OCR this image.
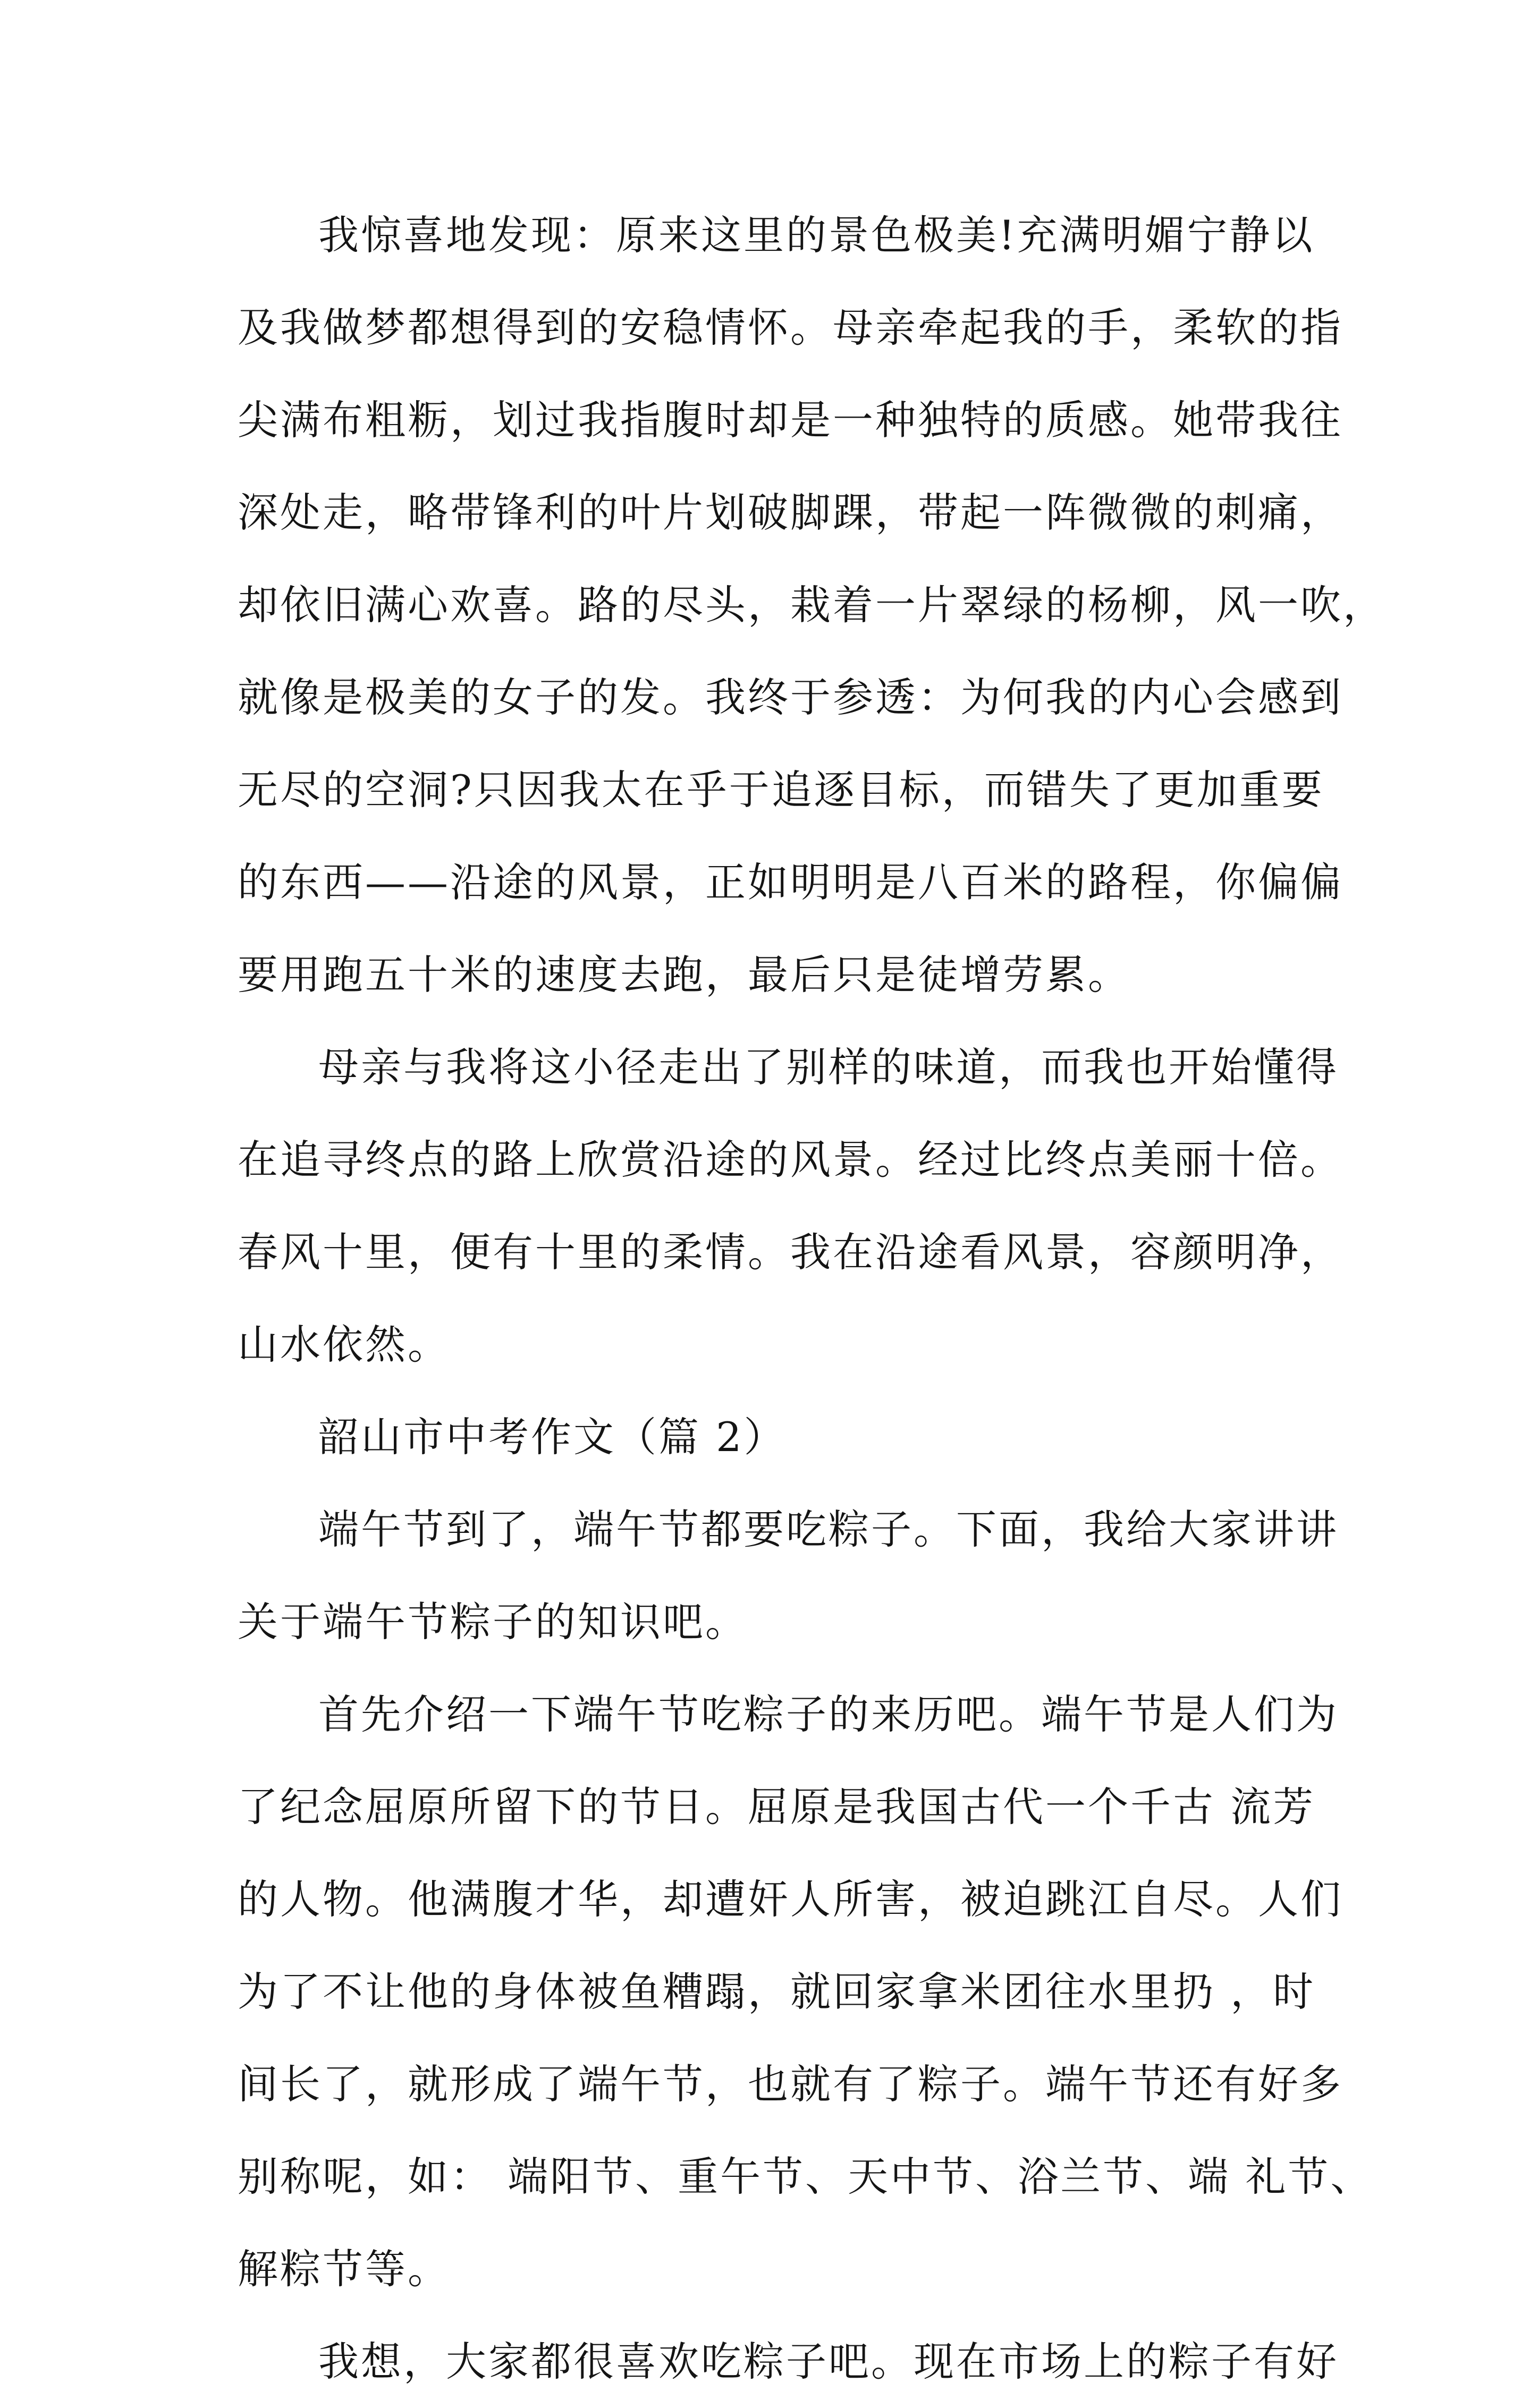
我惊喜地发现：原来这里的景色极美!充满明媚宁静以
及我做梦都想得到的安稳情怀。母亲牵起我的手，柔软的指
尖满布粗粝，划过我指腹时却是一种独特的质感。她带我往
深处走，略带锋利的叶片划破脚踝，带起一阵微微的刺痛，
却依旧满心欢喜。路的尽头，栽着一片翠绿的杨柳，风一吹，
就像是极美的女子的发。我终于参透：为何我的内心会感到
无尽的空洞?只因我太在乎于追逐目标，而错失了更加重要
的东西——沿途的风景，正如明明是八百米的路程，你偏偏
要用跑五十米的速度去跑，最后只是徒增劳累。
母亲与我将这小径走出了别样的味道，而我也开始懂得
在追寻终点的路上欣赏沿途的风景。经过比终点美丽十倍。
春风十里，便有十里的柔情。我在沿途看风景，容颜明净，
山水依然。
韶山市中考作文（篇 2）
端午节到了，端午节都要吃粽子。下面，我给大家讲讲
关于端午节粽子的知识吧。
首先介绍一下端午节吃粽子的来历吧。端午节是人们为
了纪念屈原所留下的节日。屈原是我国古代一个千古 流芳
的人物。他满腹才华，却遭奸人所害，被迫跳江自尽。人们
为了不让他的身体被鱼糟蹋，就回家拿米团往水里扔 ，时
间长了，就形成了端午节，也就有了粽子。端午节还有好多
别称呢，如： 端阳节、重午节、天中节、浴兰节、端 礼节、
解粽节等。
我想，大家都很喜欢吃粽子吧。现在市场上的粽子有好
